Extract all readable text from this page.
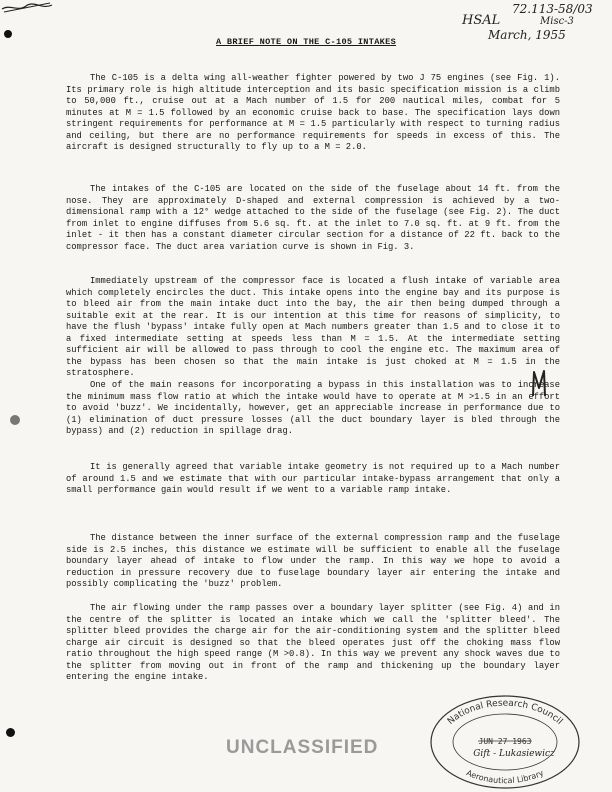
72.113-58/03
HSAL	Misc-3
March, 1955
A BRIEF NOTE ON THE C-105 INTAKES

The C-105 is a delta wing all-weather fighter powered by two J 75 engines (see Fig. 1). Its primary role is high altitude interception and its basic specification mission is a climb to 50,000 ft., cruise out at a Mach number of 1.5 for 200 nautical miles, combat for 5 minutes at M = 1.5 followed by an economic cruise back to base. The specification lays down stringent requirements for performance at M = 1.5 particularly with respect to turning radius and ceiling, but there are no performance requirements for speeds in excess of this. The aircraft is designed structurally to fly up to a M = 2.0.

The intakes of the C-105 are located on the side of the fuselage about 14 ft. from the nose. They are approximately D-shaped and external compression is achieved by a two-dimensional ramp with a 12° wedge attached to the side of the fuselage (see Fig. 2). The duct from inlet to engine diffuses from 5.6 sq. ft. at the inlet to 7.0 sq. ft. at 9 ft. from the inlet - it then has a constant diameter circular section for a distance of 22 ft. back to the compressor face. The duct area variation curve is shown in Fig. 3.

Immediately upstream of the compressor face is located a flush intake of variable area which completely encircles the duct. This intake opens into the engine bay and its purpose is to bleed air from the main intake duct into the bay, the air then being dumped through a suitable exit at the rear. It is our intention at this time for reasons of simplicity, to have the flush 'bypass' intake fully open at Mach numbers greater than 1.5 and to close it to a fixed intermediate setting at speeds less than M = 1.5. At the intermediate setting sufficient air will be allowed to pass through to cool the engine etc. The maximum area of the bypass has been chosen so that the main intake is just choked at M = 1.5 in the stratosphere.

One of the main reasons for incorporating a bypass in this installation was to increase the minimum mass flow ratio at which the intake would have to operate at M >1.5 in an effort to avoid 'buzz'. We incidentally, however, get an appreciable increase in performance due to (1) elimination of duct pressure losses (all the duct boundary layer is bled through the bypass) and (2) reduction in spillage drag.

It is generally agreed that variable intake geometry is not required up to a Mach number of around 1.5 and we estimate that with our particular intake-bypass arrangement that only a small performance gain would result if we went to a variable ramp intake.

The distance between the inner surface of the external compression ramp and the fuselage side is 2.5 inches, this distance we estimate will be sufficient to enable all the fuselage boundary layer ahead of intake to flow under the ramp. In this way we hope to avoid a reduction in pressure recovery due to fuselage boundary layer air entering the intake and possibly complicating the 'buzz' problem.

The air flowing under the ramp passes over a boundary layer splitter (see Fig. 4) and in the centre of the splitter is located an intake which we call the 'splitter bleed'. The splitter bleed provides the charge air for the air-conditioning system and the splitter bleed charge air circuit is designed so that the bleed operates just off the choking mass flow ratio throughout the high speed range (M >0.8). In this way we prevent any shock waves due to the splitter from moving out in front of the ramp and thickening up the boundary layer entering the engine intake.

National Research Council
JUN 27 1963
Gift - Lukasiewicz
Aeronautical Library
UNCLASSIFIED
